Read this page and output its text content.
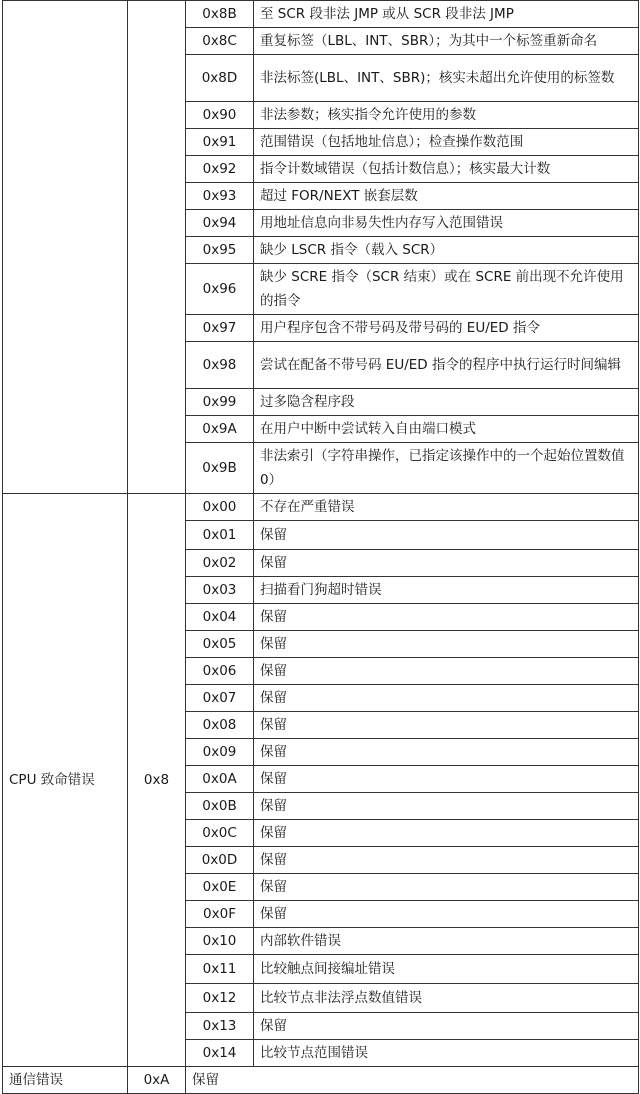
		0x8B	至 SCR 段非法 JMP 或从 SCR 段非法 JMP
		0x8C	重复标签（LBL、INT、SBR）；为其中一个标签重新命名
		0x8D	非法标签(LBL、INT、SBR)；核实未超出允许使用的标签数
		0x90	非法参数；核实指令允许使用的参数
		0x91	范围错误（包括地址信息）；检查操作数范围
		0x92	指令计数域错误（包括计数信息）；核实最大计数
		0x93	超过 FOR/NEXT 嵌套层数
		0x94	用地址信息向非易失性内存写入范围错误
		0x95	缺少 LSCR 指令（载入 SCR）
		0x96	缺少 SCRE 指令（SCR 结束）或在 SCRE 前出现不允许使用的指令
		0x97	用户程序包含不带号码及带号码的 EU/ED 指令
		0x98	尝试在配备不带号码 EU/ED 指令的程序中执行运行时间编辑
		0x99	过多隐含程序段
		0x9A	在用户中断中尝试转入自由端口模式
		0x9B	非法索引（字符串操作，已指定该操作中的一个起始位置数值0）
CPU 致命错误	0x8	0x00	不存在严重错误
		0x01	保留
		0x02	保留
		0x03	扫描看门狗超时错误
		0x04	保留
		0x05	保留
		0x06	保留
		0x07	保留
		0x08	保留
		0x09	保留
		0x0A	保留
		0x0B	保留
		0x0C	保留
		0x0D	保留
		0x0E	保留
		0x0F	保留
		0x10	内部软件错误
		0x11	比较触点间接编址错误
		0x12	比较节点非法浮点数值错误
		0x13	保留
		0x14	比较节点范围错误
通信错误	0xA	保留	
